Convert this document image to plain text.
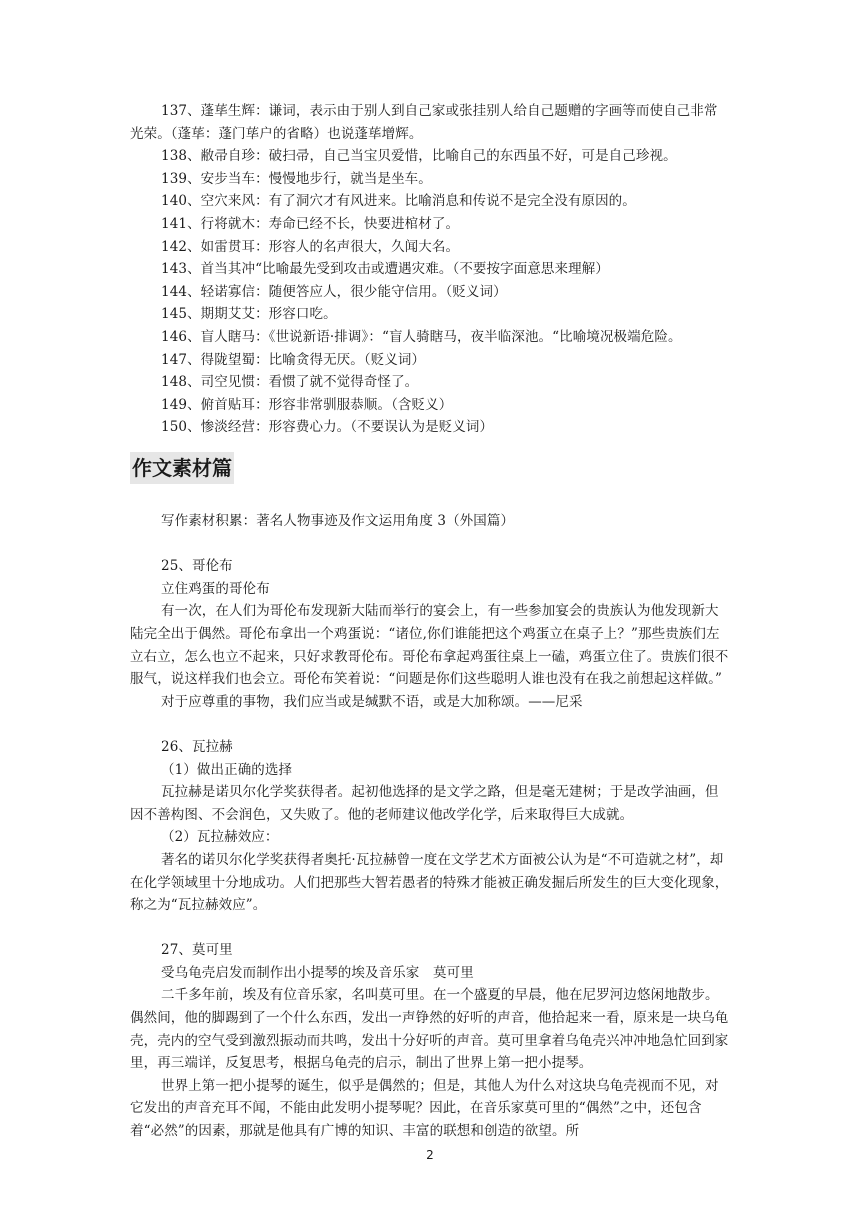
137、蓬荜生辉：谦词，表示由于别人到自己家或张挂别人给自己题赠的字画等而使自己非常光荣。（蓬荜：蓬门荜户的省略）也说蓬荜增辉。

138、敝帚自珍：破扫帚，自己当宝贝爱惜，比喻自己的东西虽不好，可是自己珍视。

139、安步当车：慢慢地步行，就当是坐车。

140、空穴来风：有了洞穴才有风进来。比喻消息和传说不是完全没有原因的。

141、行将就木：寿命已经不长，快要进棺材了。

142、如雷贯耳：形容人的名声很大，久闻大名。

143、首当其冲“比喻最先受到攻击或遭遇灾难。（不要按字面意思来理解）

144、轻诺寡信：随便答应人，很少能守信用。（贬义词）

145、期期艾艾：形容口吃。

146、盲人瞎马：《世说新语·排调》：“盲人骑瞎马，夜半临深池。“比喻境况极端危险。

147、得陇望蜀：比喻贪得无厌。（贬义词）

148、司空见惯：看惯了就不觉得奇怪了。

149、俯首贴耳：形容非常驯服恭顺。（含贬义）

150、惨淡经营：形容费心力。（不要误认为是贬义词）

作文素材篇

写作素材积累：著名人物事迹及作文运用角度 3（外国篇）

25、哥伦布

立住鸡蛋的哥伦布

有一次，在人们为哥伦布发现新大陆而举行的宴会上，有一些参加宴会的贵族认为他发现新大陆完全出于偶然。哥伦布拿出一个鸡蛋说：“诸位,你们谁能把这个鸡蛋立在桌子上？”那些贵族们左立右立，怎么也立不起来，只好求教哥伦布。哥伦布拿起鸡蛋往桌上一磕，鸡蛋立住了。贵族们很不服气，说这样我们也会立。哥伦布笑着说：“问题是你们这些聪明人谁也没有在我之前想起这样做。”

对于应尊重的事物，我们应当或是缄默不语，或是大加称颂。——尼采

26、瓦拉赫

（1）做出正确的选择

瓦拉赫是诺贝尔化学奖获得者。起初他选择的是文学之路，但是毫无建树；于是改学油画，但因不善构图、不会润色，又失败了。他的老师建议他改学化学，后来取得巨大成就。

（2）瓦拉赫效应：

著名的诺贝尔化学奖获得者奥托·瓦拉赫曾一度在文学艺术方面被公认为是“不可造就之材”，却在化学领域里十分地成功。人们把那些大智若愚者的特殊才能被正确发掘后所发生的巨大变化现象，称之为“瓦拉赫效应”。

27、莫可里

受乌龟壳启发而制作出小提琴的埃及音乐家　莫可里

二千多年前，埃及有位音乐家，名叫莫可里。在一个盛夏的早晨，他在尼罗河边悠闲地散步。偶然间，他的脚踢到了一个什么东西，发出一声铮然的好听的声音，他拾起来一看，原来是一块乌龟壳，壳内的空气受到激烈振动而共鸣，发出十分好听的声音。莫可里拿着乌龟壳兴冲冲地急忙回到家里，再三端详，反复思考，根据乌龟壳的启示，制出了世界上第一把小提琴。

世界上第一把小提琴的诞生，似乎是偶然的；但是，其他人为什么对这块乌龟壳视而不见，对它发出的声音充耳不闻，不能由此发明小提琴呢？因此，在音乐家莫可里的“偶然”之中，还包含着“必然”的因素，那就是他具有广博的知识、丰富的联想和创造的欲望。所

2
